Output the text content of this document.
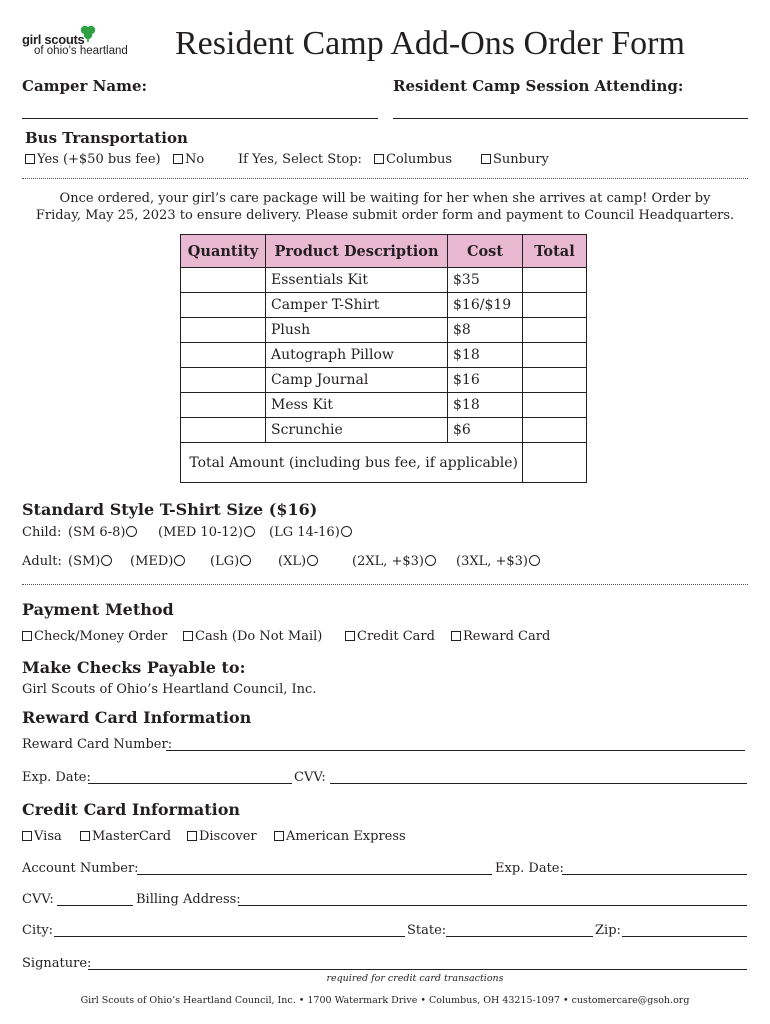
girl scouts
of ohio’s heartland Resident Camp Add-Ons Order Form
Camper Name:	Resident Camp Session Attending:
Bus Transportation
Yes (+$50 bus fee)	No	If Yes, Select Stop:	Columbus	Sunbury
Once ordered, your girl’s care package will be waiting for her when she arrives at camp! Order by
Friday, May 25, 2023 to ensure delivery. Please submit order form and payment to Council Headquarters.
Quantity	Product Description	Cost	Total
	Essentials Kit	$35	
	Camper T-Shirt	$16/$19	
	Plush	$8	
	Autograph Pillow	$18	
	Camp Journal	$16	
	Mess Kit	$18	
	Scrunchie	$6	
Total Amount (including bus fee, if applicable)			
Standard Style T-Shirt Size ($16)
Child: (SM 6-8)	(MED 10-12)	(LG 14-16)
Adult: (SM)	(MED)	(LG)	(XL)	(2XL, +$3)	(3XL, +$3)
Payment Method
Check/Money Order	Cash (Do Not Mail)	Credit Card	Reward Card
Make Checks Payable to:
Girl Scouts of Ohio’s Heartland Council, Inc.
Reward Card Information
Reward Card Number:
Exp. Date:	CVV:
Credit Card Information
Visa	MasterCard	Discover	American Express
Account Number:	Exp. Date:
CVV:	Billing Address:
City:	State:	Zip:
Signature:
required for credit card transactions
Girl Scouts of Ohio’s Heartland Council, Inc. • 1700 Watermark Drive • Columbus, OH 43215-1097 • customercare@gsoh.org
